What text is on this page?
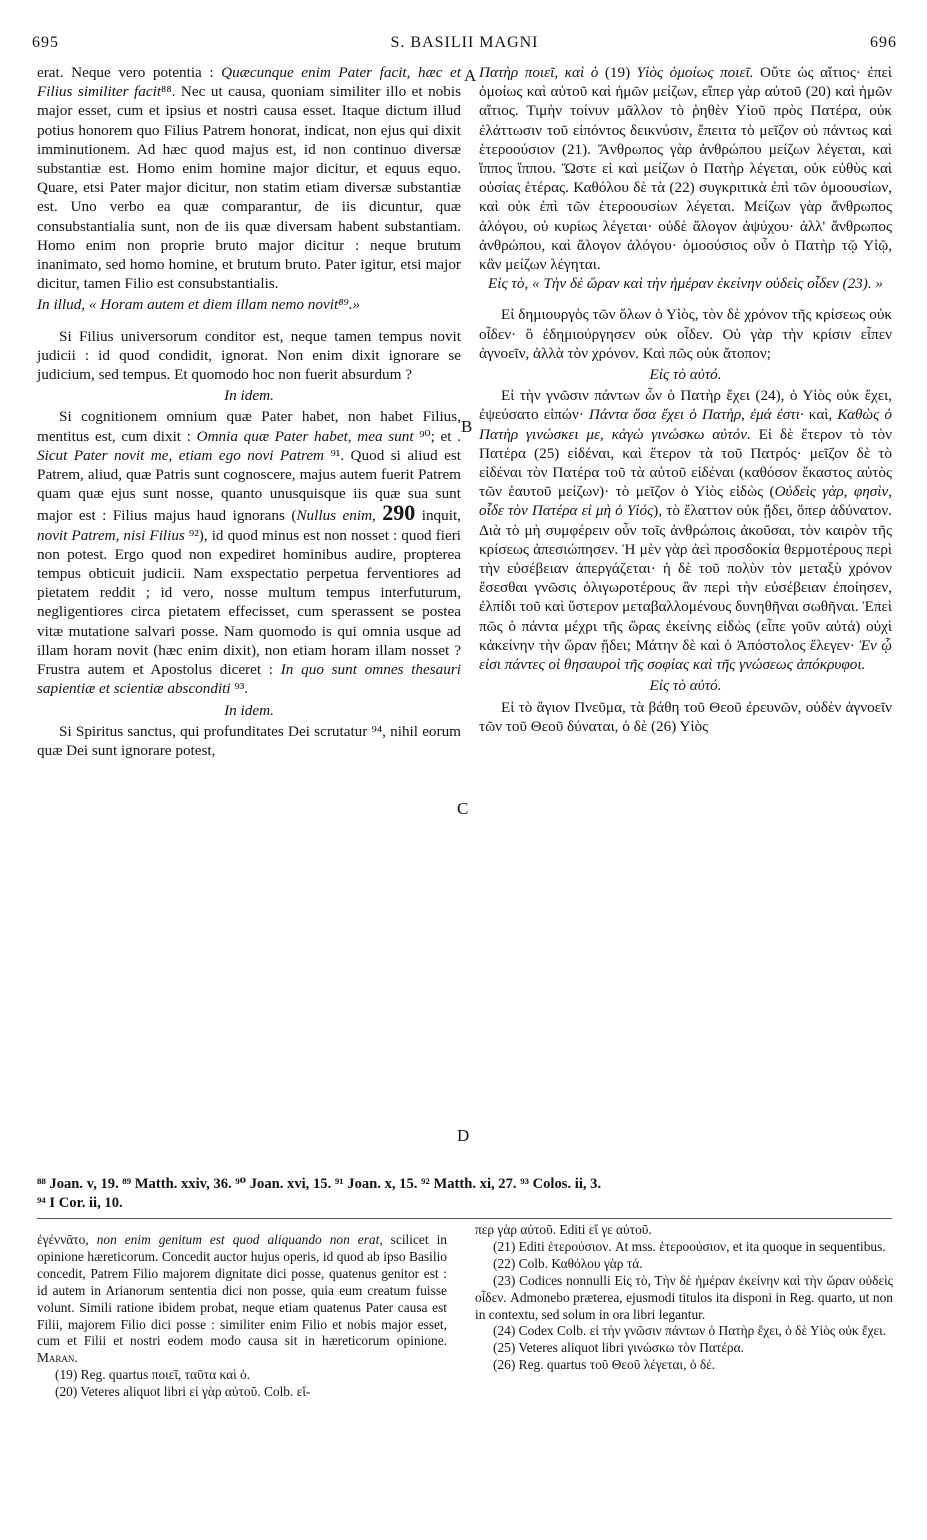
695	S. BASILII MAGNI	696
A
B
C
D

erat. Neque vero potentia : Quæcunque enim Pater facit, hæc et Filius similiter facit⁸⁸. Nec ut causa, quoniam similiter illo et nobis major esset, cum et ipsius et nostri causa esset. Itaque dictum illud potius honorem quo Filius Patrem honorat, indicat, non ejus qui dixit imminutionem. Ad hæc quod majus est, id non continuo diversæ substantiæ est. Homo enim homine major dicitur, et equus equo. Quare, etsi Pater major dicitur, non statim etiam diversæ substantiæ est. Uno verbo ea quæ comparantur, de iis dicuntur, quæ consubstantialia sunt, non de iis quæ diversam habent substantiam. Homo enim non proprie bruto major dicitur : neque brutum inanimato, sed homo homine, et brutum bruto. Pater igitur, etsi major dicitur, tamen Filio est consubstantialis.

In illud, « Horam autem et diem illam nemo novit⁸⁹.»

Si Filius universorum conditor est, neque tamen tempus novit judicii : id quod condidit, ignorat. Non enim dixit ignorare se judicium, sed tempus. Et quomodo hoc non fuerit absurdum ?

In idem.

Si cognitionem omnium quæ Pater habet, non habet Filius, mentitus est, cum dixit : Omnia quæ Pater habet, mea sunt ⁹⁰; et . Sicut Pater novit me, etiam ego novi Patrem ⁹¹. Quod si aliud est Patrem, aliud, quæ Patris sunt cognoscere, majus autem fuerit Patrem quam quæ ejus sunt nosse, quanto unusquisque iis quæ sua sunt major est : Filius majus haud ignorans (Nullus enim, 290 inquit, novit Patrem, nisi Filius ⁹²), id quod minus est non nosset : quod fieri non potest. Ergo quod non expediret hominibus audire, propterea tempus obticuit judicii. Nam exspectatio perpetua ferventiores ad pietatem reddit ; id vero, nosse multum tempus interfuturum, negligentiores circa pietatem effecisset, cum sperassent se postea vitæ mutatione salvari posse. Nam quomodo is qui omnia usque ad illam horam novit (hæc enim dixit), non etiam horam illam nosset ? Frustra autem et Apostolus diceret : In quo sunt omnes thesauri sapientiæ et scientiæ absconditi ⁹³.

In idem.

Si Spiritus sanctus, qui profunditates Dei scrutatur ⁹⁴, nihil eorum quæ Dei sunt ignorare potest,

Πατὴρ ποιεῖ, καὶ ὁ (19) Υἱὸς ὁμοίως ποιεῖ. Οὔτε ὡς αἴτιος· ἐπεὶ ὁμοίως καὶ αὐτοῦ καὶ ἡμῶν μείζων, εἴπερ γὰρ αὐτοῦ (20) καὶ ἡμῶν αἴτιος. Τιμὴν τοίνυν μᾶλλον τὸ ῥηθὲν Υἱοῦ πρὸς Πατέρα, οὐκ ἐλάττωσιν τοῦ εἰπόντος δεικνύσιν, ἔπειτα τὸ μεῖζον οὐ πάντως καὶ ἑτεροούσιον (21). Ἄνθρωπος γὰρ ἀνθρώπου μείζων λέγεται, καὶ ἵππος ἵππου. Ὥστε εἰ καὶ μείζων ὁ Πατὴρ λέγεται, οὐκ εὐθὺς καὶ οὐσίας ἑτέρας. Καθόλου δὲ τὰ (22) συγκριτικὰ ἐπὶ τῶν ὁμοουσίων, καὶ οὐκ ἐπὶ τῶν ἑτεροουσίων λέγεται. Μείζων γὰρ ἄνθρωπος ἀλόγου, οὐ κυρίως λέγεται· οὐδὲ ἄλογον ἀψύχου· ἀλλ' ἄνθρωπος ἀνθρώπου, καὶ ἄλογον ἀλόγου· ὁμοούσιος οὖν ὁ Πατὴρ τῷ Υἱῷ, κἂν μείζων λέγηται.

Εἰς τὸ, « Τὴν δὲ ὥραν καὶ τὴν ἡμέραν ἐκείνην οὐδεὶς οἶδεν (23). »

Εἰ δημιουργὸς τῶν ὅλων ὁ Υἱὸς, τὸν δὲ χρόνον τῆς κρίσεως οὐκ οἶδεν· ὃ ἐδημιούργησεν οὐκ οἶδεν. Οὐ γὰρ τὴν κρίσιν εἶπεν ἀγνοεῖν, ἀλλὰ τὸν χρόνον. Καὶ πῶς οὐκ ἄτοπον;

Εἰς τὸ αὐτό.

Εἰ τὴν γνῶσιν πάντων ὧν ὁ Πατὴρ ἔχει (24), ὁ Υἱὸς οὐκ ἔχει, ἐψεύσατο εἰπών· Πάντα ὅσα ἔχει ὁ Πατὴρ, ἐμά ἐστι· καὶ, Καθὼς ὁ Πατὴρ γινώσκει με, κἀγὼ γινώσκω αὐτόν. Εἰ δὲ ἕτερον τὸ τὸν Πατέρα (25) εἰδέναι, καὶ ἕτερον τὰ τοῦ Πατρός· μεῖζον δὲ τὸ εἰδέναι τὸν Πατέρα τοῦ τὰ αὐτοῦ εἰδέναι (καθόσον ἕκαστος αὐτὸς τῶν ἑαυτοῦ μείζων)· τὸ μεῖζον ὁ Υἱὸς εἰδὼς (Οὐδεὶς γὰρ, φησὶν, οἶδε τὸν Πατέρα εἰ μὴ ὁ Υἱός), τὸ ἔλαττον οὐκ ᾔδει, ὅπερ ἀδύνατον. Διὰ τὸ μὴ συμφέρειν οὖν τοῖς ἀνθρώποις ἀκοῦσαι, τὸν καιρὸν τῆς κρίσεως ἀπεσιώπησεν. Ἡ μὲν γὰρ ἀεὶ προσδοκία θερμοτέρους περὶ τὴν εὐσέβειαν ἀπεργάζεται· ἡ δὲ τοῦ πολὺν τὸν μεταξὺ χρόνον ἔσεσθαι γνῶσις ὀλιγωροτέρους ἂν περὶ τὴν εὐσέβειαν ἐποίησεν, ἐλπίδι τοῦ καὶ ὕστερον μεταβαλλομένους δυνηθῆναι σωθῆναι. Ἐπεὶ πῶς ὁ πάντα μέχρι τῆς ὥρας ἐκείνης εἰδὼς (εἶπε γοῦν αὐτά) οὐχὶ κἀκείνην τὴν ὥραν ᾔδει; Μάτην δὲ καὶ ὁ Ἀπόστολος ἔλεγεν· Ἐν ᾧ εἰσι πάντες οἱ θησαυροὶ τῆς σοφίας καὶ τῆς γνώσεως ἀπόκρυφοι.

Εἰς τὸ αὐτό.

Εἰ τὸ ἅγιον Πνεῦμα, τὰ βάθη τοῦ Θεοῦ ἐρευνῶν, οὐδὲν ἀγνοεῖν τῶν τοῦ Θεοῦ δύναται, ὁ δὲ (26) Υἱὸς

⁸⁸ Joan. v, 19. ⁸⁹ Matth. xxiv, 36. ⁹⁰ Joan. xvi, 15. ⁹¹ Joan. x, 15. ⁹² Matth. xi, 27. ⁹³ Colos. ii, 3.

⁹⁴ I Cor. ii, 10.

ἐγέννᾶτο, non enim genitum est quod aliquando non erat, scilicet in opinione hæreticorum. Concedit auctor hujus operis, id quod ab ipso Basilio concedit, Patrem Filio majorem dignitate dici posse, quatenus genitor est : id autem in Arianorum sententia dici non posse, quia eum creatum fuisse volunt. Simili ratione ibidem probat, neque etiam quatenus Pater causa est Filii, majorem Filio dici posse : similiter enim Filio et nobis major esset, cum et Filii et nostri eodem modo causa sit in hæreticorum opinione. Maran.

(19) Reg. quartus ποιεῖ, ταῦτα καὶ ὁ.

(20) Veteres aliquot libri εἰ γὰρ αὐτοῦ. Colb. εἴ-

περ γὰρ αὐτοῦ. Editi εἴ γε αὐτοῦ.

(21) Editi ἑτερούσιον. At mss. ἑτεροούσιον, et ita quoque in sequentibus.

(22) Colb. Καθόλου γὰρ τά.

(23) Codices nonnulli Εἰς τὸ, Τὴν δὲ ἡμέραν ἐκείνην καὶ τὴν ὥραν οὐδεὶς οἶδεν. Admonebo præterea, ejusmodi titulos ita disponi in Reg. quarto, ut non in contextu, sed solum in ora libri legantur.

(24) Codex Colb. εἰ τὴν γνῶσιν πάντων ὁ Πατὴρ ἔχει, ὁ δὲ Υἱὸς οὐκ ἔχει.

(25) Veteres aliquot libri γινώσκω τὸν Πατέρα.

(26) Reg. quartus τοῦ Θεοῦ λέγεται, ὁ δέ.
